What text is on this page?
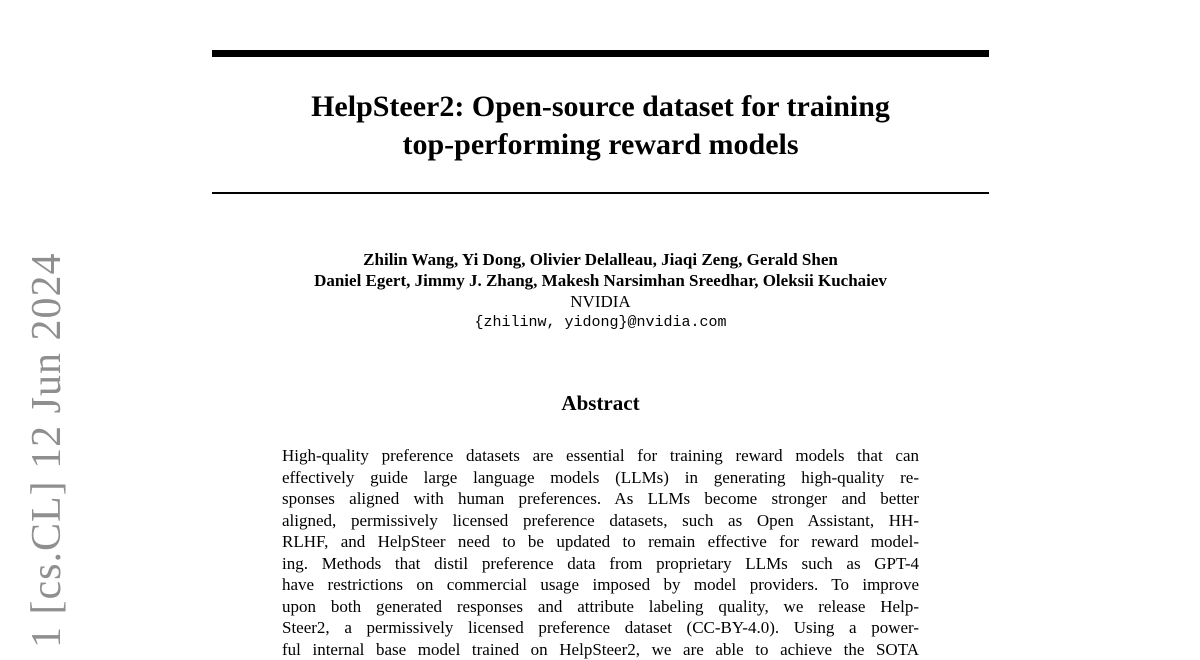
HelpSteer2: Open-source dataset for training
top-performing reward models
Zhilin Wang, Yi Dong, Olivier Delalleau, Jiaqi Zeng, Gerald Shen
Daniel Egert, Jimmy J. Zhang, Makesh Narsimhan Sreedhar, Oleksii Kuchaiev
NVIDIA
{zhilinw, yidong}@nvidia.com
Abstract
High-quality preference datasets are essential for training reward models that can
effectively guide large language models (LLMs) in generating high-quality re-
sponses aligned with human preferences. As LLMs become stronger and better
aligned, permissively licensed preference datasets, such as Open Assistant, HH-
RLHF, and HelpSteer need to be updated to remain effective for reward model-
ing. Methods that distil preference data from proprietary LLMs such as GPT-4
have restrictions on commercial usage imposed by model providers. To improve
upon both generated responses and attribute labeling quality, we release Help-
Steer2, a permissively licensed preference dataset (CC-BY-4.0). Using a power-
ful internal base model trained on HelpSteer2, we are able to achieve the SOTA
1 [cs.CL] 12 Jun 2024
